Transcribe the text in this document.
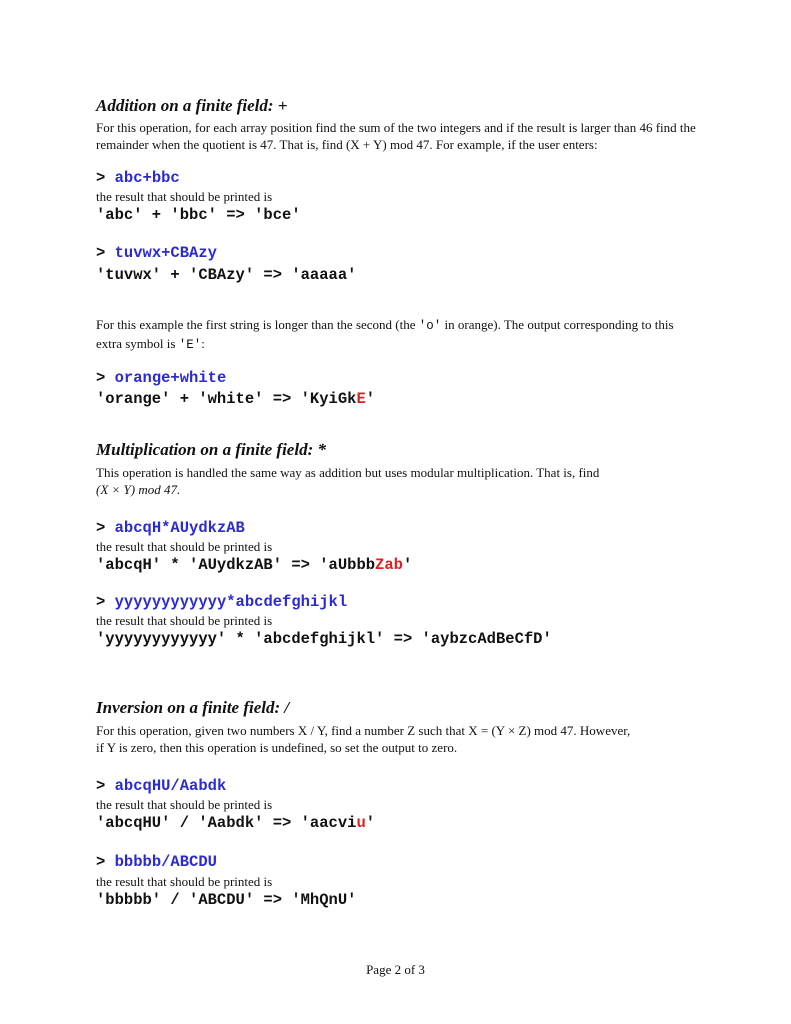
Addition on a finite field: +
For this operation, for each array position find the sum of the two integers and if the result is larger than 46 find the remainder when the quotient is 47. That is, find (X + Y) mod 47. For example, if the user enters:
> abc+bbc
the result that should be printed is
'abc' + 'bbc' => 'bce'
> tuvwx+CBAzy
'tuvwx' + 'CBAzy' => 'aaaaa'
For this example the first string is longer than the second (the 'o' in orange). The output corresponding to this extra symbol is 'E':
> orange+white
'orange' + 'white' => 'KyiGkE'
Multiplication on a finite field: *
This operation is handled the same way as addition but uses modular multiplication. That is, find
(X × Y) mod 47.
> abcqH*AUydkzAB
the result that should be printed is
'abcqH' * 'AUydkzAB' => 'aUbbbZab'
> yyyyyyyyyyyy*abcdefghijkl
the result that should be printed is
'yyyyyyyyyyyy' * 'abcdefghijkl' => 'aybzcAdBeCfD'
Inversion on a finite field: /
For this operation, given two numbers X / Y, find a number Z such that X = (Y × Z) mod 47. However,
if Y is zero, then this operation is undefined, so set the output to zero.
> abcqHU/Aabdk
the result that should be printed is
'abcqHU' / 'Aabdk' => 'aacviu'
> bbbbb/ABCDU
the result that should be printed is
'bbbbb' / 'ABCDU' => 'MhQnU'
Page 2 of 3
